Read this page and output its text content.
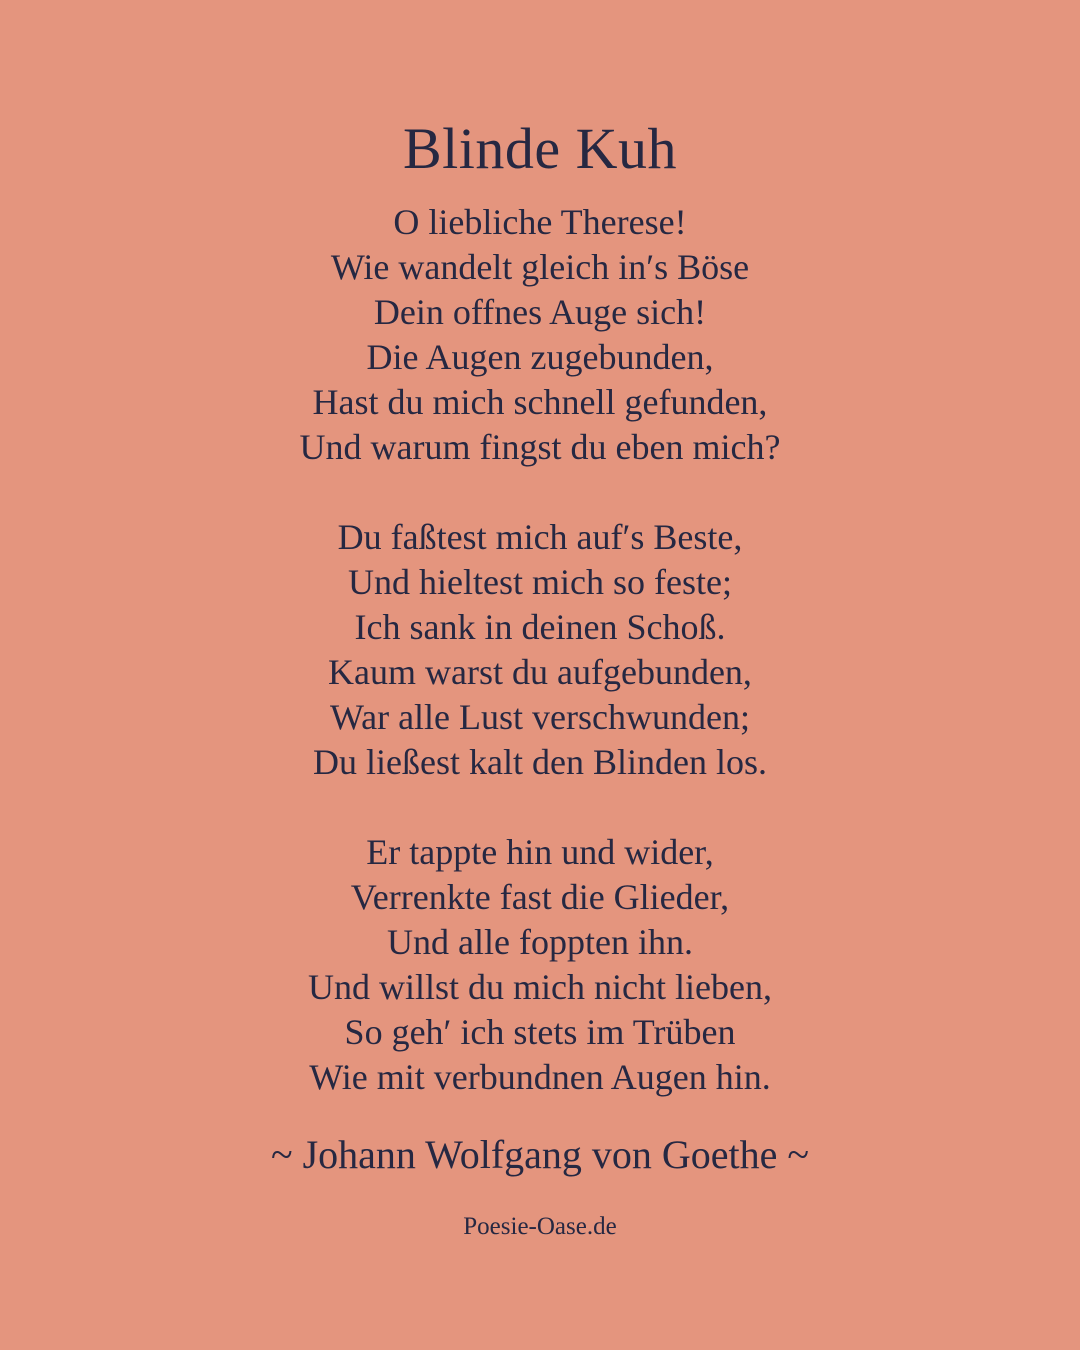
Blinde Kuh
O liebliche Therese!
Wie wandelt gleich in′s Böse
Dein offnes Auge sich!
Die Augen zugebunden,
Hast du mich schnell gefunden,
Und warum fingst du eben mich?
Du faßtest mich auf′s Beste,
Und hieltest mich so feste;
Ich sank in deinen Schoß.
Kaum warst du aufgebunden,
War alle Lust verschwunden;
Du ließest kalt den Blinden los.
Er tappte hin und wider,
Verrenkte fast die Glieder,
Und alle foppten ihn.
Und willst du mich nicht lieben,
So geh′ ich stets im Trüben
Wie mit verbundnen Augen hin.
~ Johann Wolfgang von Goethe ~
Poesie-Oase.de
